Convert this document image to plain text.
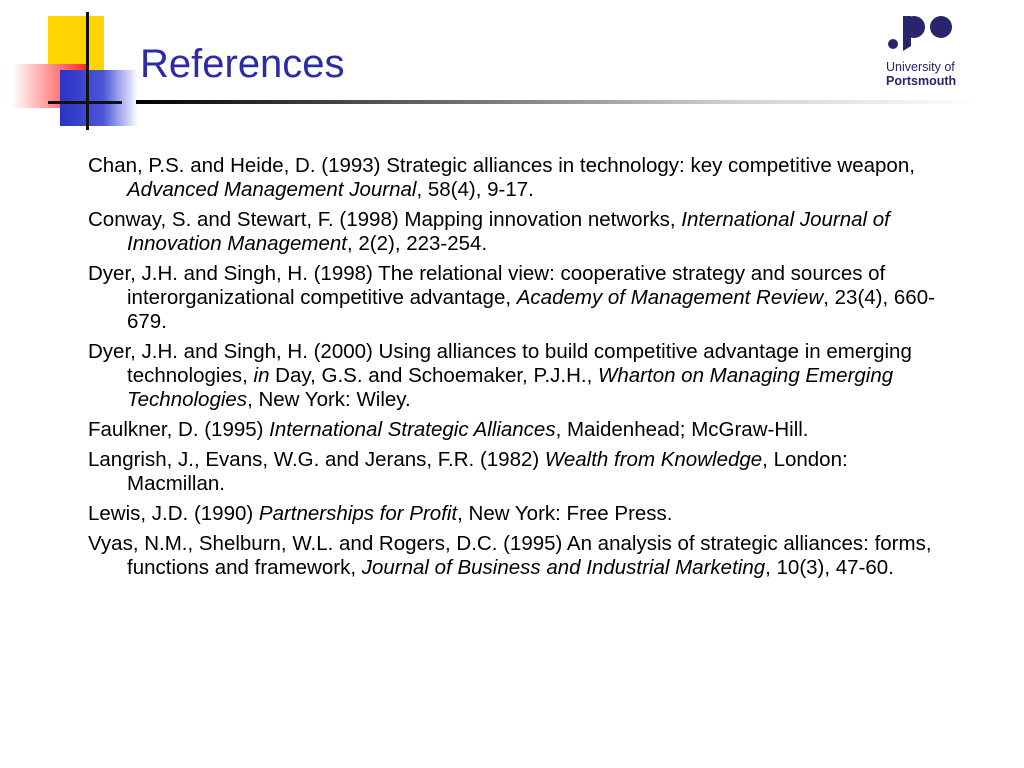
References	University of
Portsmouth
Chan, P.S. and Heide, D. (1993) Strategic alliances in technology: key competitive weapon, Advanced Management Journal, 58(4), 9-17.
Conway, S. and Stewart, F. (1998) Mapping innovation networks, International Journal of Innovation Management, 2(2), 223-254.
Dyer, J.H. and Singh, H. (1998) The relational view: cooperative strategy and sources of interorganizational competitive advantage, Academy of Management Review, 23(4), 660-679.
Dyer, J.H. and Singh, H. (2000) Using alliances to build competitive advantage in emerging technologies, in Day, G.S. and Schoemaker, P.J.H., Wharton on Managing Emerging Technologies, New York: Wiley.
Faulkner, D. (1995) International Strategic Alliances, Maidenhead; McGraw-Hill.
Langrish, J., Evans, W.G. and Jerans, F.R. (1982) Wealth from Knowledge, London: Macmillan.
Lewis, J.D. (1990) Partnerships for Profit, New York: Free Press.
Vyas, N.M., Shelburn, W.L. and Rogers, D.C. (1995) An analysis of strategic alliances: forms, functions and framework, Journal of Business and Industrial Marketing, 10(3), 47-60.
